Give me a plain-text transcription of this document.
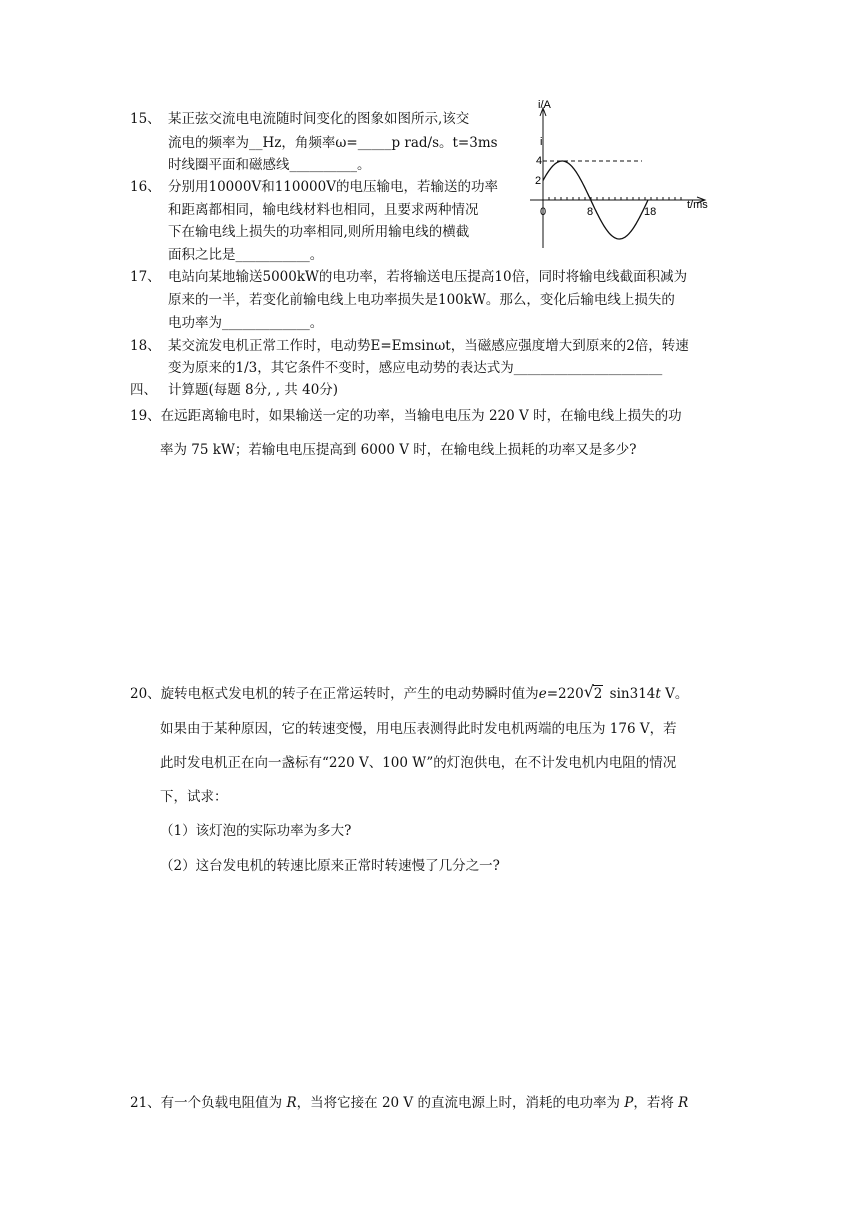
15、 某正弦交流电电流随时间变化的图象如图所示,该交
流电的频率为__Hz，角频率ω=_____p rad/s。t=3ms
时线圈平面和磁感线__________。
16、 分别用10000V和110000V的电压输电，若输送的功率
和距离都相同，输电线材料也相同，且要求两种情况
下在输电线上损失的功率相同,则所用输电线的横截
面积之比是___________。
17、 电站向某地输送5000kW的电功率，若将输送电压提高10倍，同时将输电线截面积减为
原来的一半，若变化前输电线上电功率损失是100kW。那么，变化后输电线上损失的
电功率为_____________。
18、 某交流发电机正常工作时，电动势E=Emsinωt，当磁感应强度增大到原来的2倍，转速
变为原来的1/3，其它条件不变时，感应电动势的表达式为______________________
四、 计算题(每题 8分, , 共 40分)
19、在远距离输电时，如果输送一定的功率，当输电电压为 220 V 时，在输电线上损失的功
率为 75 kW；若输电电压提高到 6000 V 时，在输电线上损耗的功率又是多少?
20、旋转电枢式发电机的转子在正常运转时，产生的电动势瞬时值为e=220 √ 2 sin314t V。
如果由于某种原因，它的转速变慢，用电压表测得此时发电机两端的电压为 176 V，若
此时发电机正在向一盏标有“220 V、100 W”的灯泡供电，在不计发电机内电阻的情况
下，试求：
（1）该灯泡的实际功率为多大?
（2）这台发电机的转速比原来正常时转速慢了几分之一?
21、有一个负载电阻值为 R，当将它接在 20 V 的直流电源上时，消耗的电功率为 P，若将 R
i/A
i
4
2
0	8	18
t/ms
